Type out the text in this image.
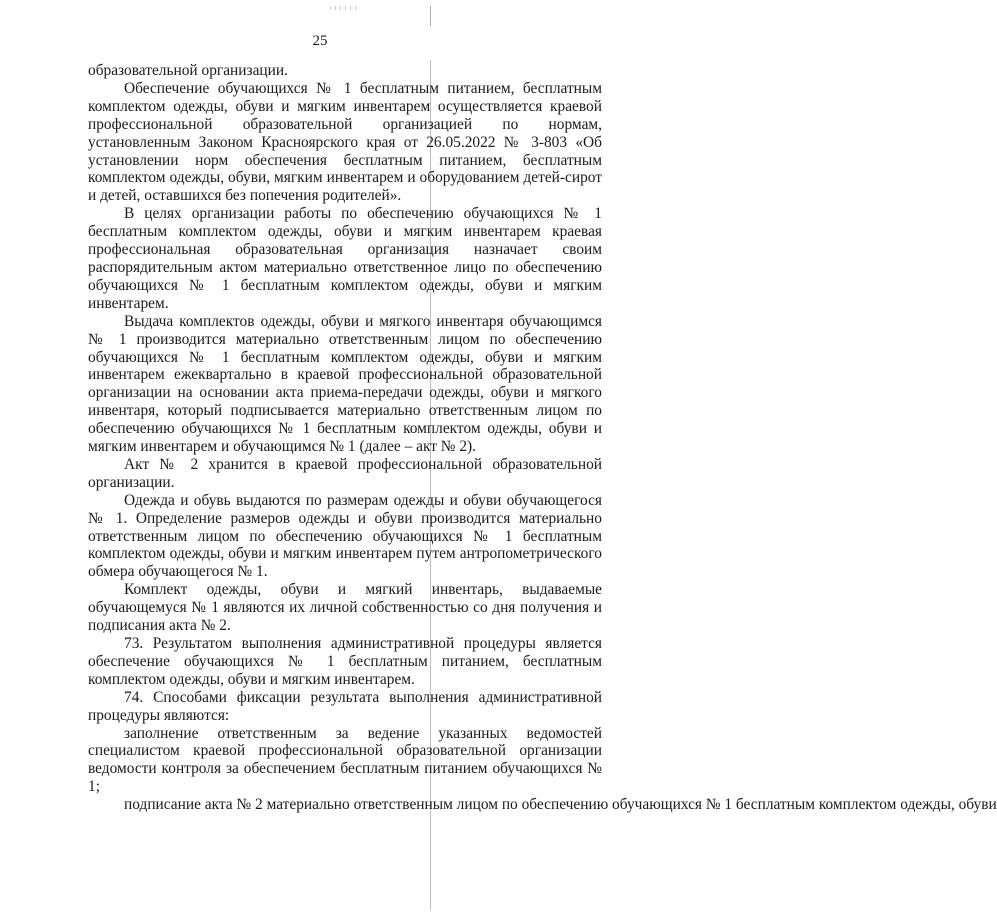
25

образовательной организации.

Обеспечение обучающихся № 1 бесплатным питанием, бесплатным комплектом одежды, обуви и мягким инвентарем осуществляется краевой профессиональной образовательной организацией по нормам, установленным Законом Красноярского края от 26.05.2022 № 3-803 «Об установлении норм обеспечения бесплатным питанием, бесплатным комплектом одежды, обуви, мягким инвентарем и оборудованием детей-сирот и детей, оставшихся без попечения родителей».

В целях организации работы по обеспечению обучающихся № 1 бесплатным комплектом одежды, обуви и мягким инвентарем краевая профессиональная образовательная организация назначает своим распорядительным актом материально ответственное лицо по обеспечению обучающихся № 1 бесплатным комплектом одежды, обуви и мягким инвентарем.

Выдача комплектов одежды, обуви и мягкого инвентаря обучающимся № 1 производится материально ответственным лицом по обеспечению обучающихся № 1 бесплатным комплектом одежды, обуви и мягким инвентарем ежеквартально в краевой профессиональной образовательной организации на основании акта приема-передачи одежды, обуви и мягкого инвентаря, который подписывается материально ответственным лицом по обеспечению обучающихся № 1 бесплатным комплектом одежды, обуви и мягким инвентарем и обучающимся № 1 (далее – акт № 2).

Акт № 2 хранится в краевой профессиональной образовательной организации.

Одежда и обувь выдаются по размерам одежды и обуви обучающегося № 1. Определение размеров одежды и обуви производится материально ответственным лицом по обеспечению обучающихся № 1 бесплатным комплектом одежды, обуви и мягким инвентарем путем антропометрического обмера обучающегося № 1.

Комплект одежды, обуви и мягкий инвентарь, выдаваемые обучающемуся № 1 являются их личной собственностью со дня получения и подписания акта № 2.

73. Результатом выполнения административной процедуры является обеспечение обучающихся № 1 бесплатным питанием, бесплатным комплектом одежды, обуви и мягким инвентарем.

74. Способами фиксации результата выполнения административной процедуры являются:

заполнение ответственным за ведение указанных ведомостей специалистом краевой профессиональной образовательной организации ведомости контроля за обеспечением бесплатным питанием обучающихся № 1;

подписание акта № 2 материально ответственным лицом по обеспечению обучающихся № 1 бесплатным комплектом одежды, обуви
